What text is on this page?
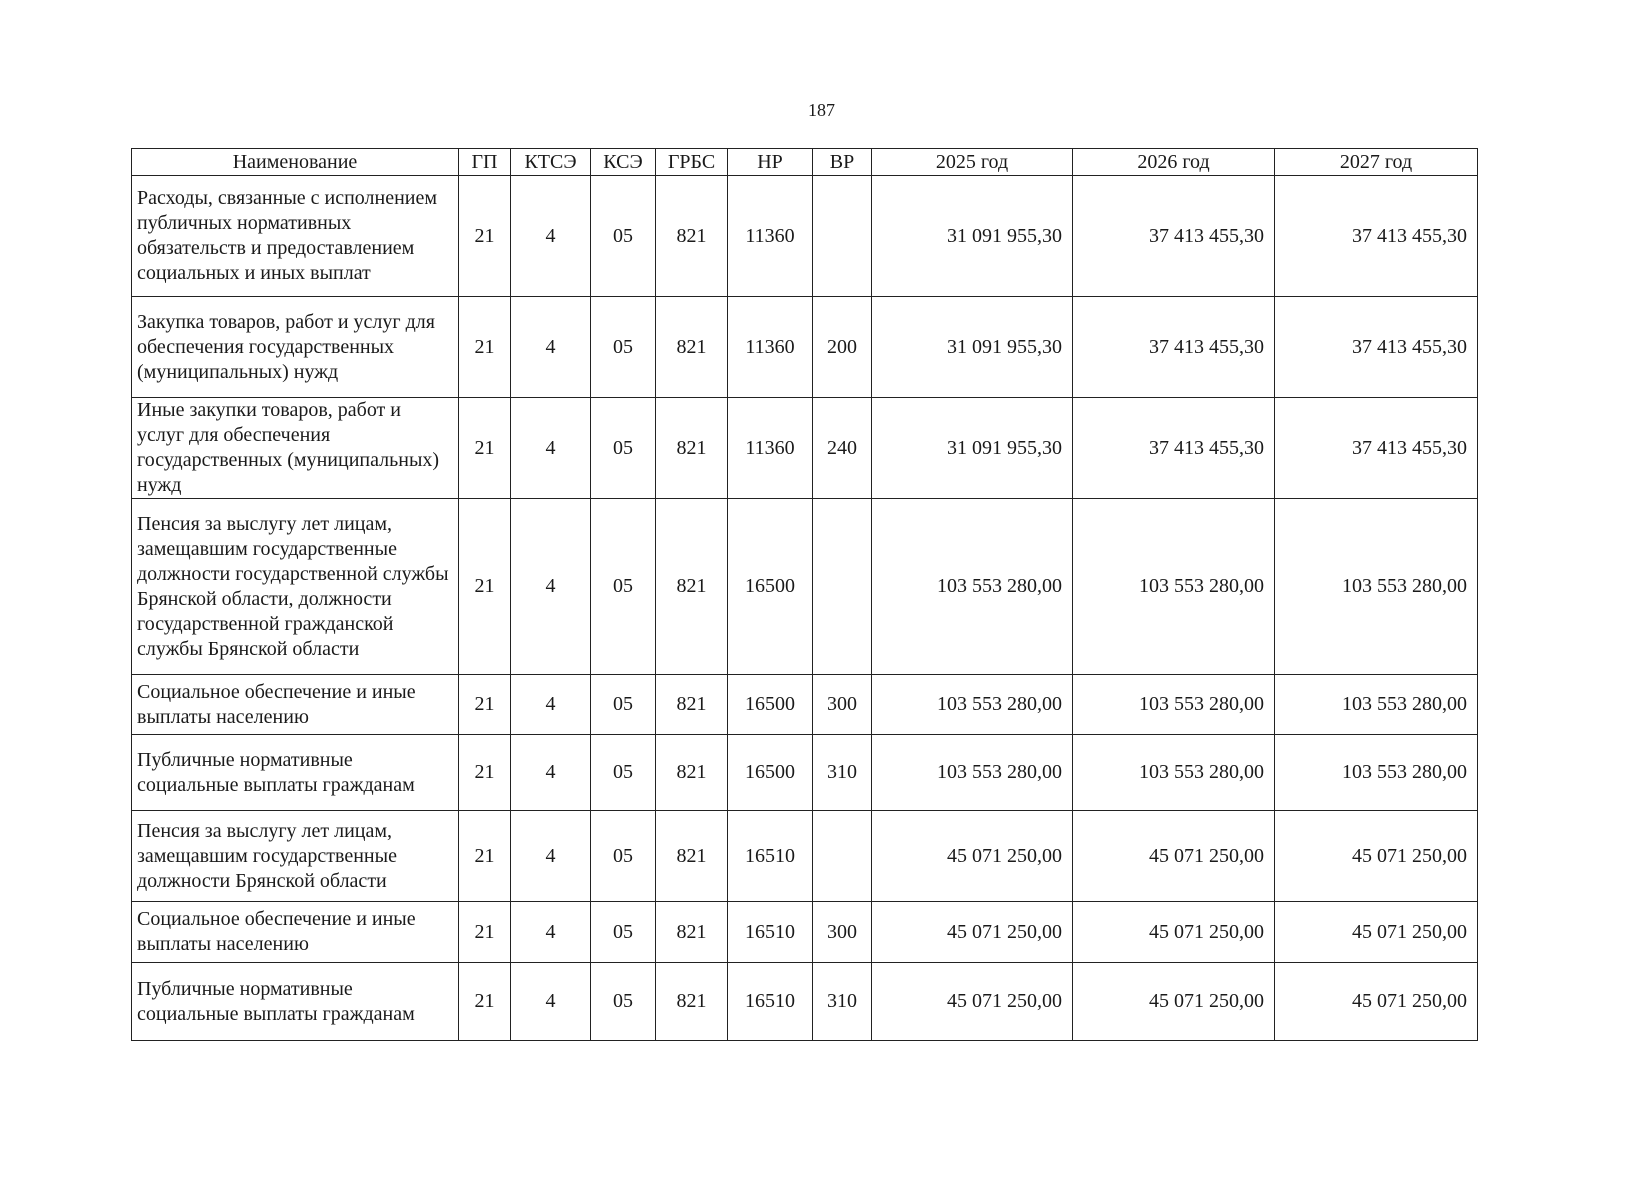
187
Наименование	ГП	КТСЭ	КСЭ	ГРБС	НР	ВР	2025 год	2026 год	2027 год
Расходы, связанные с исполнением публичных нормативных обязательств и предоставлением социальных и иных выплат	21	4	05	821	11360		31 091 955,30	37 413 455,30	37 413 455,30
Закупка товаров, работ и услуг для обеспечения государственных (муниципальных) нужд	21	4	05	821	11360	200	31 091 955,30	37 413 455,30	37 413 455,30
Иные закупки товаров, работ и услуг для обеспечения государственных (муниципальных) нужд	21	4	05	821	11360	240	31 091 955,30	37 413 455,30	37 413 455,30
Пенсия за выслугу лет лицам, замещавшим государственные должности государственной службы Брянской области, должности государственной гражданской службы Брянской области	21	4	05	821	16500		103 553 280,00	103 553 280,00	103 553 280,00
Социальное обеспечение и иные выплаты населению	21	4	05	821	16500	300	103 553 280,00	103 553 280,00	103 553 280,00
Публичные нормативные социальные выплаты гражданам	21	4	05	821	16500	310	103 553 280,00	103 553 280,00	103 553 280,00
Пенсия за выслугу лет лицам, замещавшим государственные должности Брянской области	21	4	05	821	16510		45 071 250,00	45 071 250,00	45 071 250,00
Социальное обеспечение и иные выплаты населению	21	4	05	821	16510	300	45 071 250,00	45 071 250,00	45 071 250,00
Публичные нормативные социальные выплаты гражданам	21	4	05	821	16510	310	45 071 250,00	45 071 250,00	45 071 250,00
